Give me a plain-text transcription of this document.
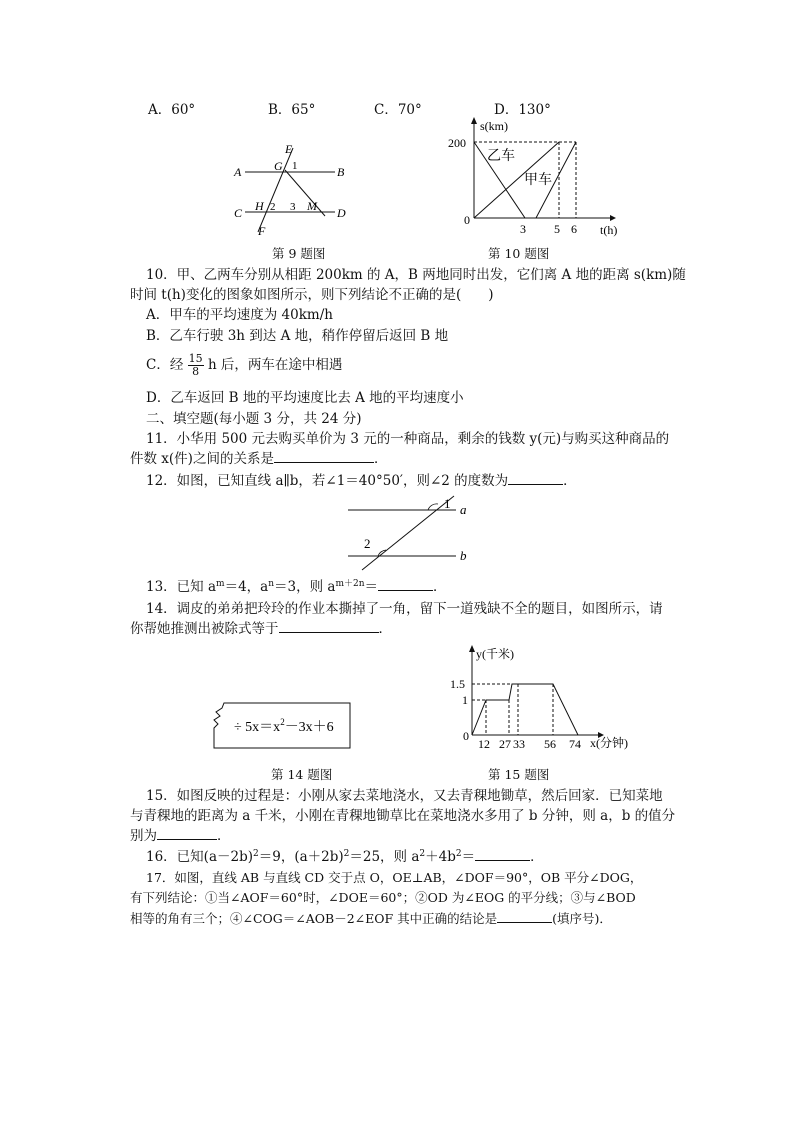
A．60°	B．65°	C．70°	D．130°
A	B
C	D
E
F
G 1
H 2 3 M
第 9 题图
s(km)
t(h)
200
0
乙车
甲车
3 5 6
第 10 题图
10．甲、乙两车分别从相距 200km 的 A，B 两地同时出发，它们离 A 地的距离 s(km)随
时间 t(h)变化的图象如图所示，则下列结论不正确的是(　　)
A．甲车的平均速度为 40km/h
B．乙车行驶 3h 到达 A 地，稍作停留后返回 B 地
C．经 $\frac{15}{8}$ h 后，两车在途中相遇
D．乙车返回 B 地的平均速度比去 A 地的平均速度小
二、填空题(每小题 3 分，共 24 分)
11．小华用 500 元去购买单价为 3 元的一种商品，剩余的钱数 y(元)与购买这种商品的
件数 x(件)之间的关系是	．
12．如图，已知直线 a∥b，若∠1＝40°50′，则∠2 的度数为	．
1
2
a
b
13．已知 $a^m=4$，$a^n=3$，则 $a^{m+2n}=$	．
14．调皮的弟弟把玲玲的作业本撕掉了一角，留下一道残缺不全的题目，如图所示，请
你帮她推测出被除式等于	．
÷ $5x=x^2-3x+6$
第 14 题图
y(千米)
x(分钟)
1.5
1
0
12 27 33 56 74
第 15 题图
15．如图反映的过程是：小刚从家去菜地浇水，又去青稞地锄草，然后回家．已知菜地
与青稞地的距离为 a 千米，小刚在青稞地锄草比在菜地浇水多用了 b 分钟，则 a，b 的值分
别为	．
16．已知$(a-2b)^2=9$，$(a+2b)^2=25$，则 $a^2+4b^2=$	．
17．如图，直线 AB 与直线 CD 交于点 O，OE⊥AB，∠DOF＝90°，OB 平分∠DOG，
有下列结论：①当∠AOF＝60°时，∠DOE＝60°；②OD 为∠EOG 的平分线；③与∠BOD
相等的角有三个；④∠COG＝∠AOB－2∠EOF 其中正确的结论是	(填序号)．
